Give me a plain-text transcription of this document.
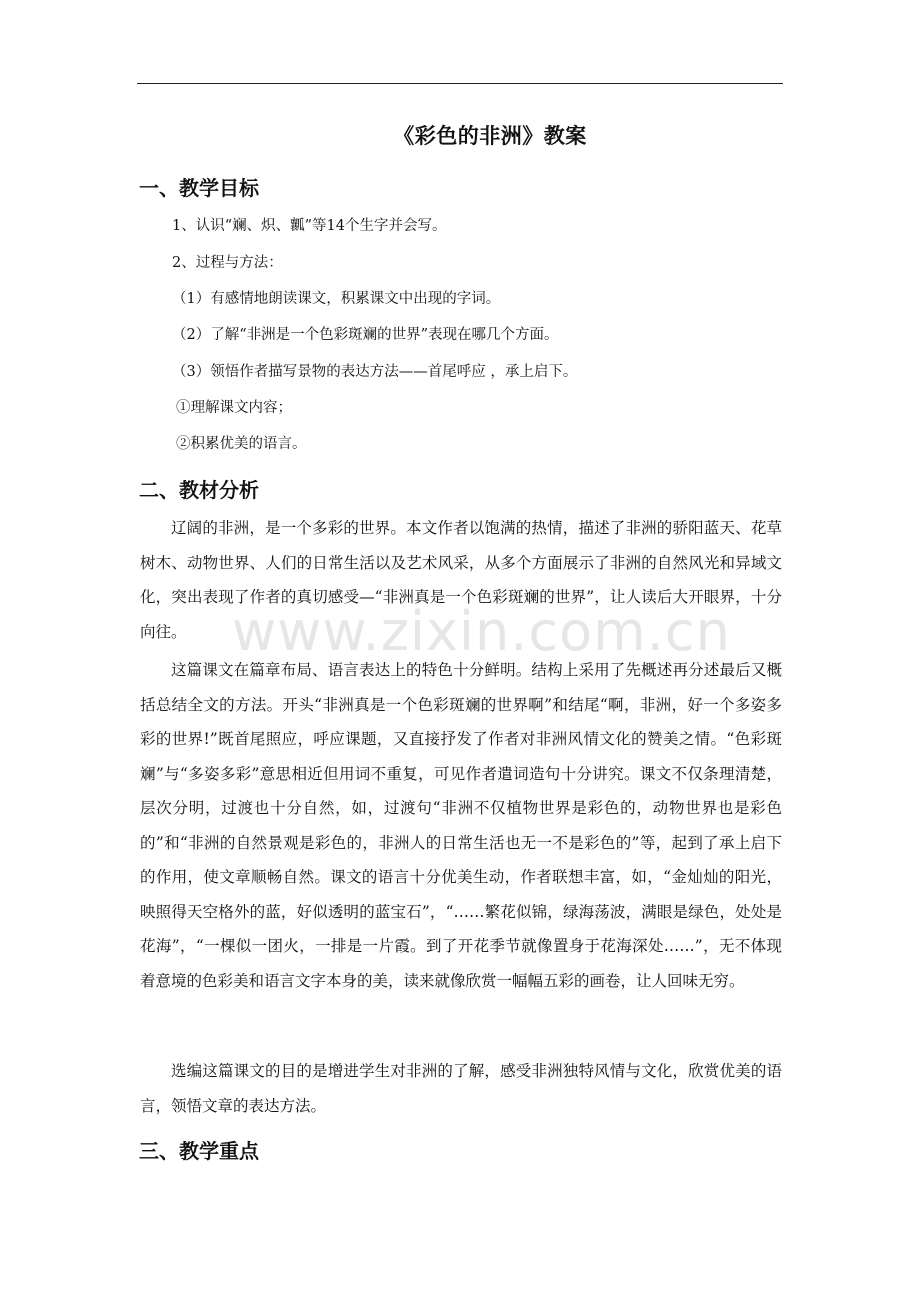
《彩色的非洲》教案
一、教学目标
1、认识“斓、炽、瓤”等14个生字并会写。
2、过程与方法：
（1）有感情地朗读课文，积累课文中出现的字词。
（2）了解“非洲是一个色彩斑斓的世界”表现在哪几个方面。
（3）领悟作者描写景物的表达方法——首尾呼应 ，承上启下。
①理解课文内容；
②积累优美的语言。
二、教材分析
辽阔的非洲，是一个多彩的世界。本文作者以饱满的热情，描述了非洲的骄阳蓝天、花草树木、动物世界、人们的日常生活以及艺术风采，从多个方面展示了非洲的自然风光和异域文化，突出表现了作者的真切感受—“非洲真是一个色彩斑斓的世界”，让人读后大开眼界，十分向往。
这篇课文在篇章布局、语言表达上的特色十分鲜明。结构上采用了先概述再分述最后又概括总结全文的方法。开头“非洲真是一个色彩斑斓的世界啊”和结尾“啊，非洲，好一个多姿多彩的世界!”既首尾照应，呼应课题，又直接抒发了作者对非洲风情文化的赞美之情。“色彩斑斓”与“多姿多彩”意思相近但用词不重复，可见作者遣词造句十分讲究。课文不仅条理清楚，层次分明，过渡也十分自然，如，过渡句“非洲不仅植物世界是彩色的，动物世界也是彩色的”和“非洲的自然景观是彩色的，非洲人的日常生活也无一不是彩色的”等，起到了承上启下的作用，使文章顺畅自然。课文的语言十分优美生动，作者联想丰富，如，“金灿灿的阳光，映照得天空格外的蓝，好似透明的蓝宝石”，“……繁花似锦，绿海荡波，满眼是绿色，处处是花海”，“一棵似一团火，一排是一片霞。到了开花季节就像置身于花海深处……”，无不体现着意境的色彩美和语言文字本身的美，读来就像欣赏一幅幅五彩的画卷，让人回味无穷。
选编这篇课文的目的是增进学生对非洲的了解，感受非洲独特风情与文化，欣赏优美的语言，领悟文章的表达方法。
三、教学重点
www.zixin.com.cn
